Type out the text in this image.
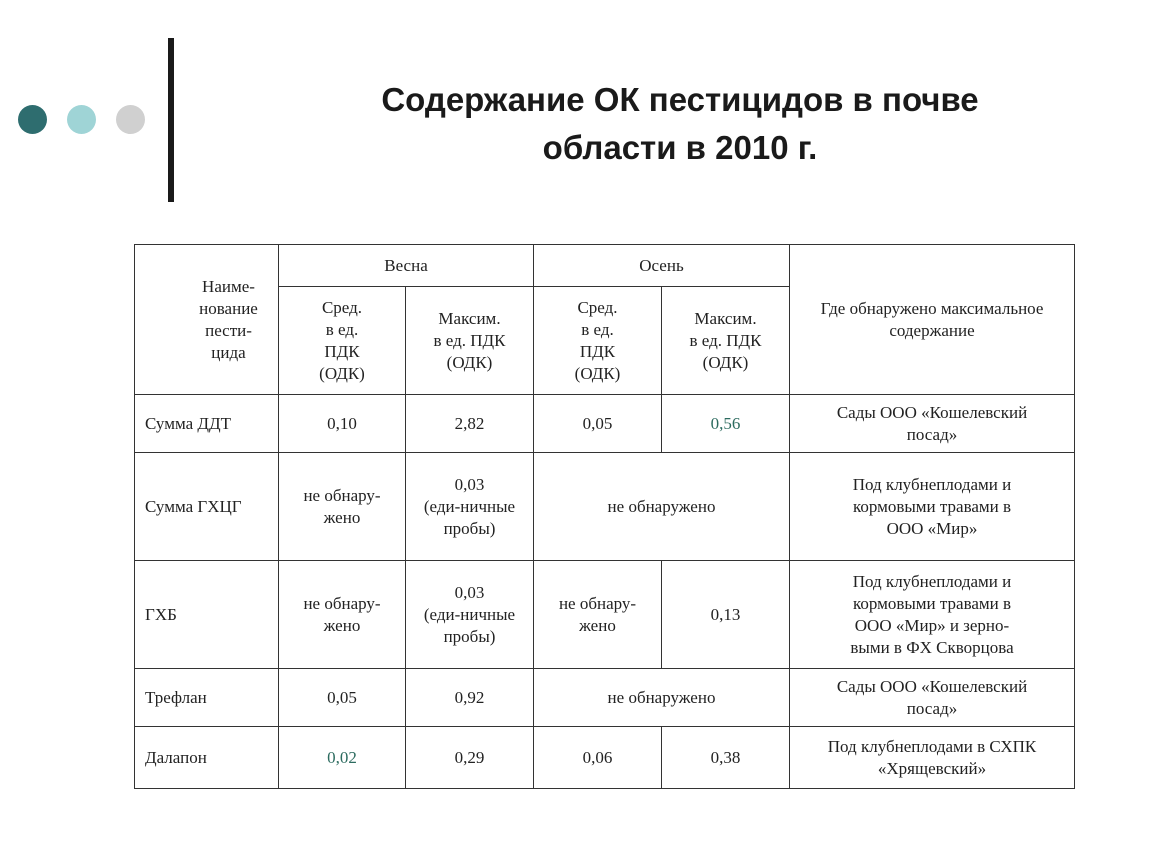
Содержание ОК пестицидов в почве
области в 2010 г.
Наиме-
нование
пести-
цида	Весна		Осень		Где обнаружено максимальное
содержание

	Сред.
в ед.
ПДК
(ОДК)	Максим.
в ед. ПДК
(ОДК)	Сред.
в ед.
ПДК
(ОДК)	Максим.
в ед. ПДК
(ОДК)	

Сумма ДДТ	0,10	2,82	0,05	0,56	Сады ООО «Кошелевский
посад»

Сумма ГХЦГ	не обнару-
жено	0,03
(еди-ничные
пробы)	не обнаружено		Под клубнеплодами и
кормовыми травами в
ООО «Мир»

ГХБ	не обнару-
жено	0,03
(еди-ничные
пробы)	не обнару-
жено	0,13	Под клубнеплодами и
кормовыми травами в
ООО «Мир» и зерно-
выми в ФХ Скворцова

Трефлан	0,05	0,92	не обнаружено		Сады ООО «Кошелевский
посад»

Далапон	0,02	0,29	0,06	0,38	Под клубнеплодами в СХПК
«Хрящевский»
